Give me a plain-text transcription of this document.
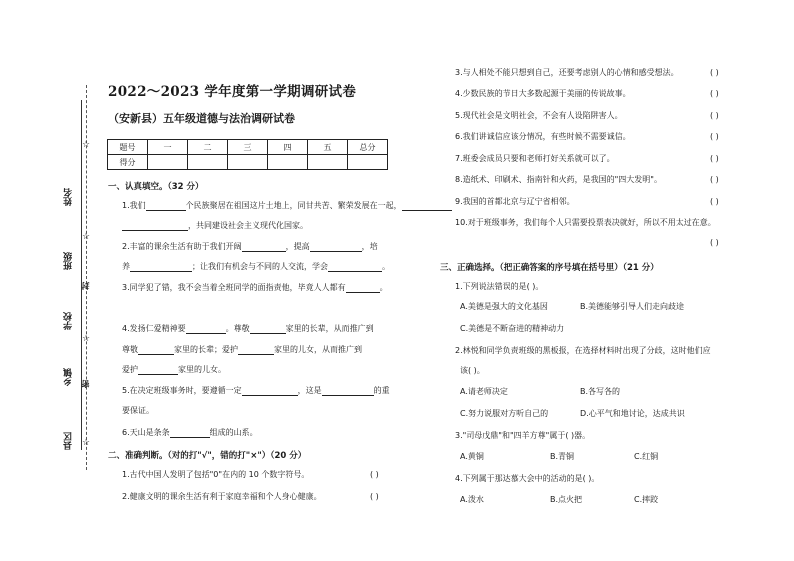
姓名
班级
封
学校
乡镇 密
县区
☆
☆
☆
☆
2022～2023 学年度第一学期调研试卷
（安新县）五年级道德与法治调研试卷
题号	一	二	三	四	五	总分
得分						
一、认真填空。（32 分）
1.我们	个民族聚居在祖国这片土地上，同甘共苦、繁荣发展在一起，
，共同建设社会主义现代化国家。
2.丰富的课余生活有助于我们开阔	，提高	，培
养	；让我们有机会与不同的人交流，学会	。
3.同学犯了错，我不会当着全班同学的面指责他，毕竟人人都有	。
4.发扬仁爱精神要	。尊敬	家里的长辈，从而推广到
尊敬	家里的长辈；爱护	家里的儿女，从而推广到
爱护	家里的儿女。
5.在决定班级事务时，要遵循一定	，这是	的重
要保证。
6.天山是条条	组成的山系。
二、准确判断。（对的打"√"，错的打"×"）（20 分）
1.古代中国人发明了包括"0"在内的 10 个数字符号。	( )
2.健康文明的课余生活有利于家庭幸福和个人身心健康。	( )
3.与人相处不能只想到自己，还要考虑别人的心情和感受想法。	( )
4.少数民族的节日大多数起源于美丽的传说故事。	( )
5.现代社会是文明社会，不会有人设陷阱害人。	( )
6.我们讲诚信应该分情况，有些时候不需要诚信。	( )
7.班委会成员只要和老师打好关系就可以了。	( )
8.造纸术、印刷术、指南针和火药，是我国的"四大发明"。	( )
9.我国的首都北京与辽宁省相邻。	( )
10.对于班级事务，我们每个人只需要投票表决就好，所以不用太过在意。
( )
三、正确选择。（把正确答案的序号填在括号里）（21 分）
1.下列说法错误的是( )。
A.美德是强大的文化基因	B.美德能够引导人们走向歧途
C.美德是不断奋进的精神动力
2.林悦和同学负责班级的黑板报，在选择材料时出现了分歧，这时他们应
该( )。
A.请老师决定	B.各写各的
C.努力说服对方听自己的	D.心平气和地讨论，达成共识
3."司母戊鼎"和"四羊方尊"属于( )器。
A.黄铜	B.青铜	C.红铜
4.下列属于那达慕大会中的活动的是( )。
A.泼水	B.点火把	C.摔跤
